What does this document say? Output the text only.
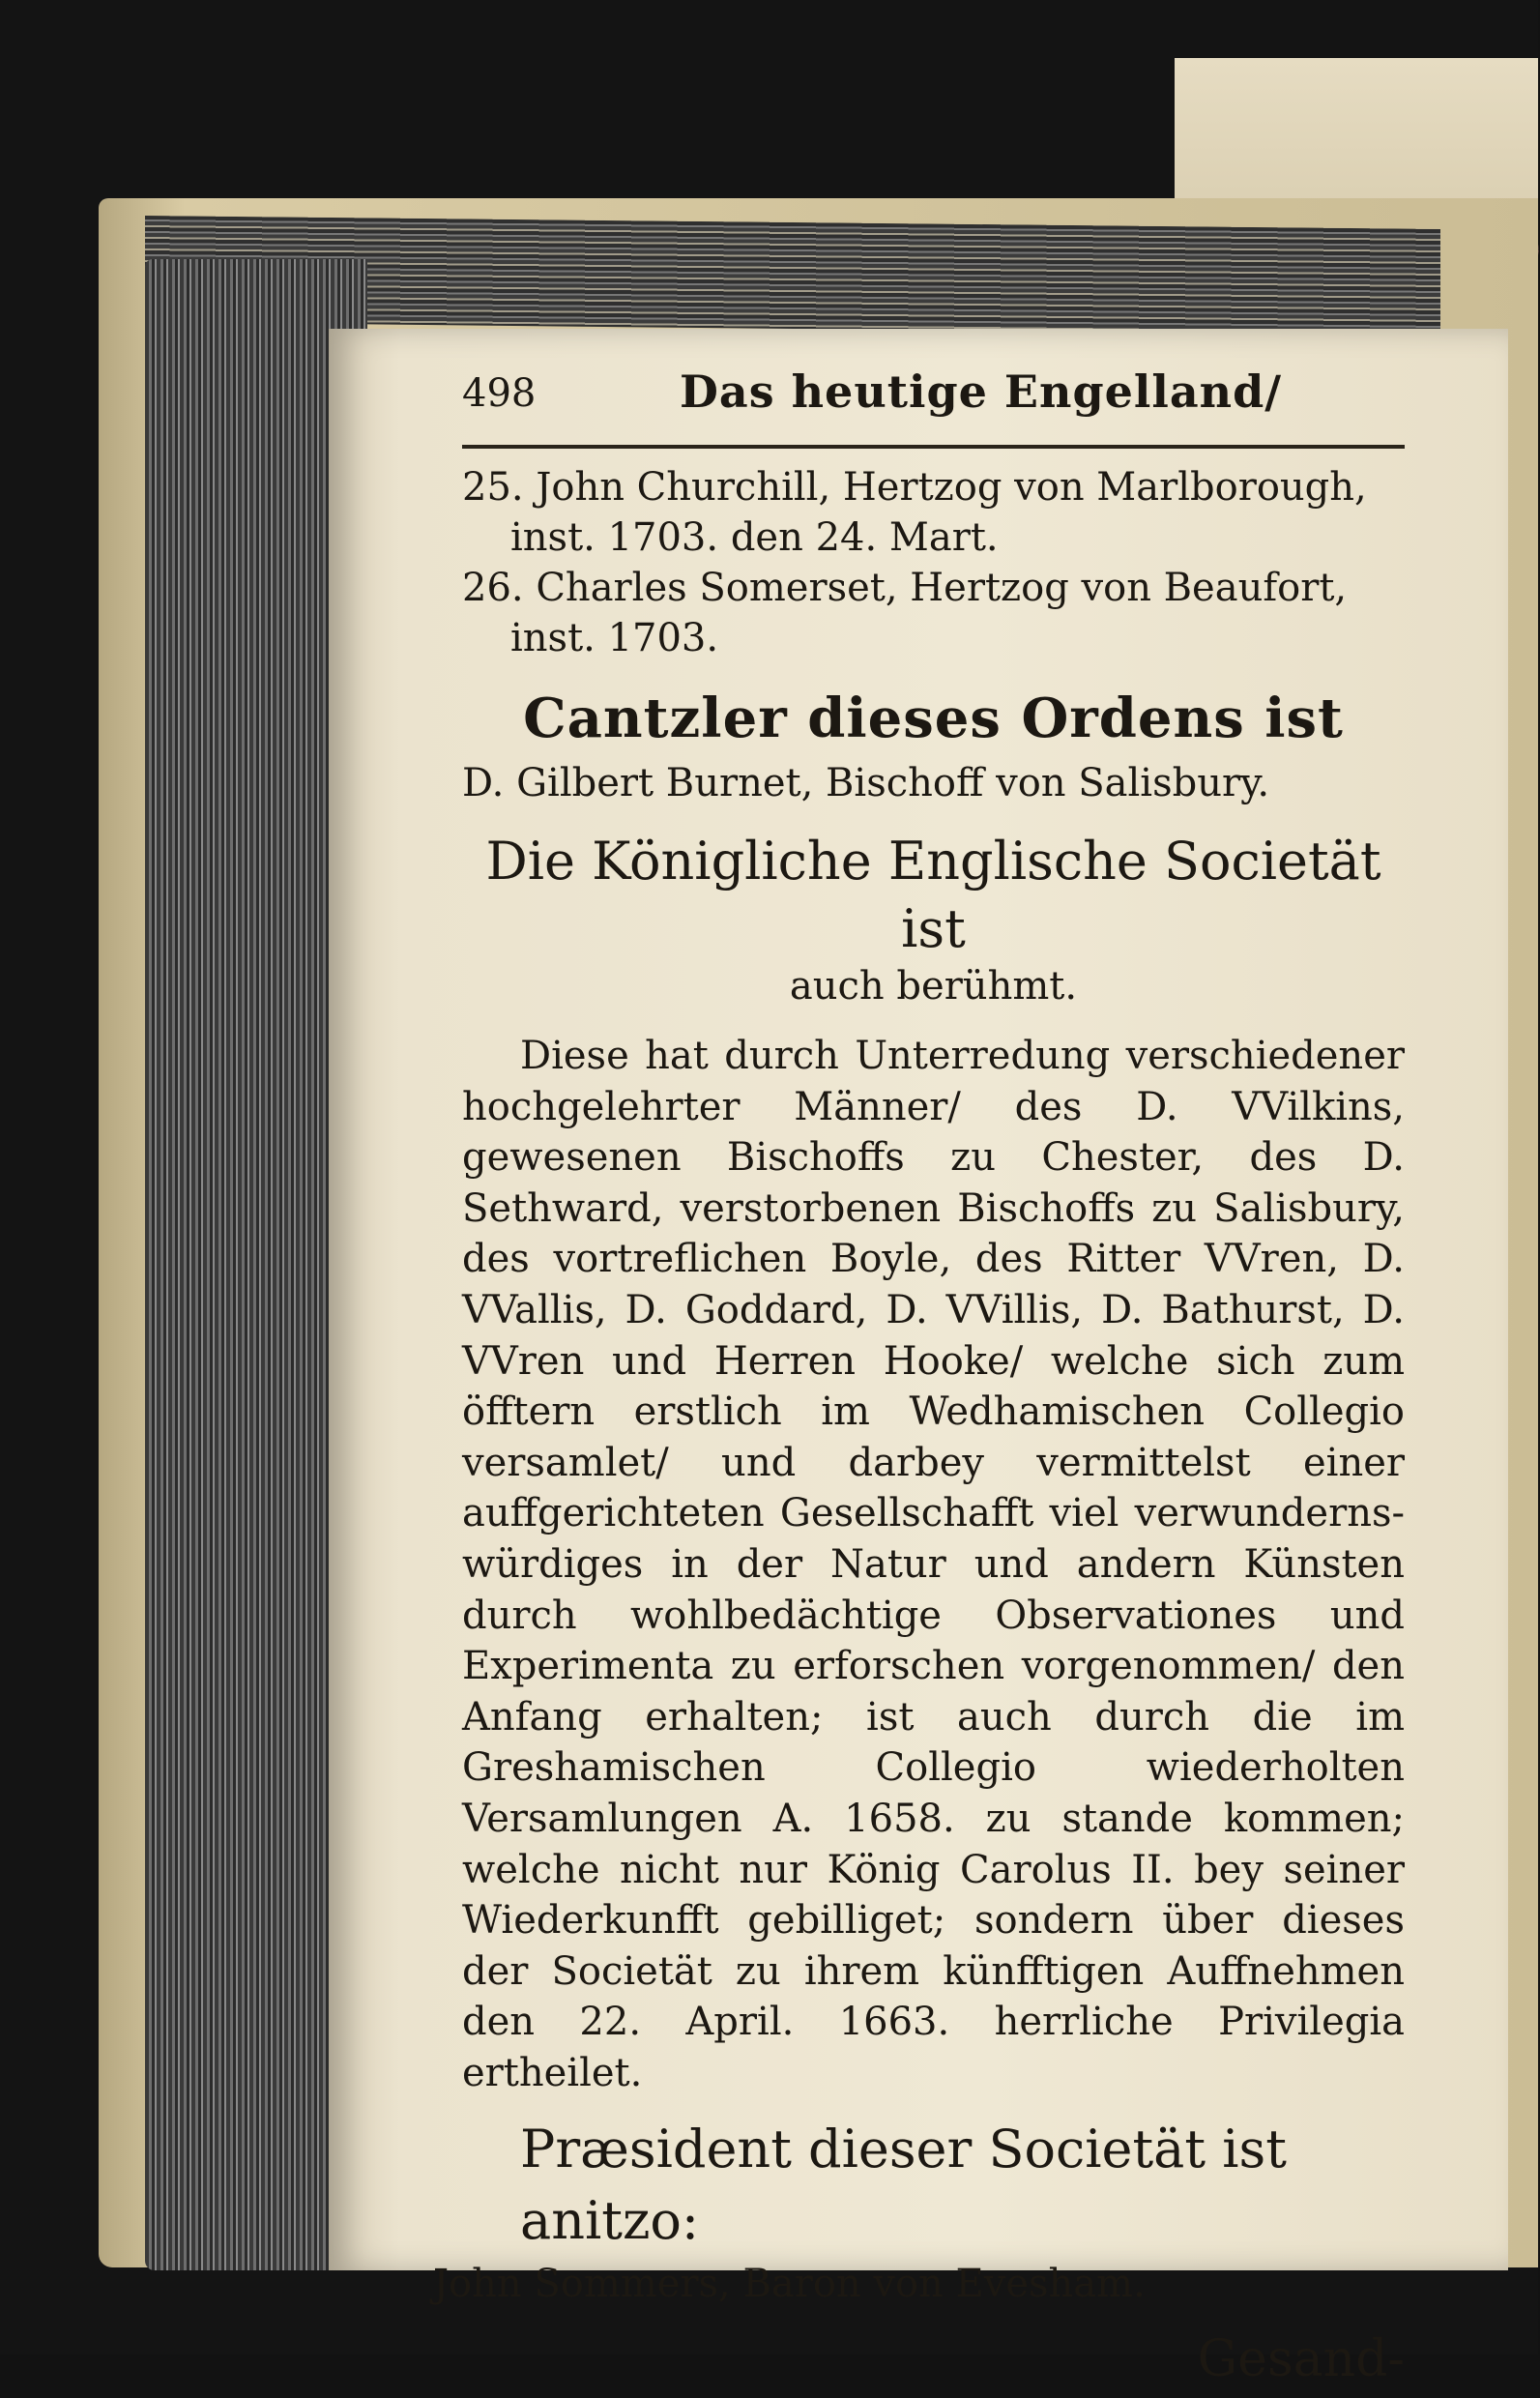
498	Das heutige Engelland/

25. John Churchill, Hertzog von Marlborough, inst. 1703. den 24. Mart.

26. Charles Somerset, Hertzog von Beaufort, inst. 1703.

Cantzler dieses Ordens ist

D. Gilbert Burnet, Bischoff von Salisbury.

Die Königliche Englische Societät ist
auch berühmt.

Diese hat durch Unterredung verschiedener hochgelehrter Männer/ des D. VVilkins, gewesenen Bischoffs zu Chester, des D. Sethward, verstorbenen Bischoffs zu Salisbury, des vortreflichen Boyle, des Ritter VVren, D. VVallis, D. Goddard, D. VVillis, D. Bathurst, D. VVren und Herren Hooke/ welche sich zum öfftern erstlich im Wedhamischen Collegio versamlet/ und darbey vermittelst einer auffgerichteten Gesellschafft viel verwunderns-würdiges in der Natur und andern Künsten durch wohlbedächtige Observationes und Experimenta zu erforschen vorgenommen/ den Anfang erhalten; ist auch durch die im Greshamischen Collegio wiederholten Versamlungen A. 1658. zu stande kommen; welche nicht nur König Carolus II. bey seiner Wiederkunfft gebilliget; sondern über dieses der Societät zu ihrem künfftigen Auffnehmen den 22. April. 1663. herrliche Privilegia ertheilet.

Præsident dieser Societät ist anitzo:

John Sommers, Baron von Evesham.

Gesand-
